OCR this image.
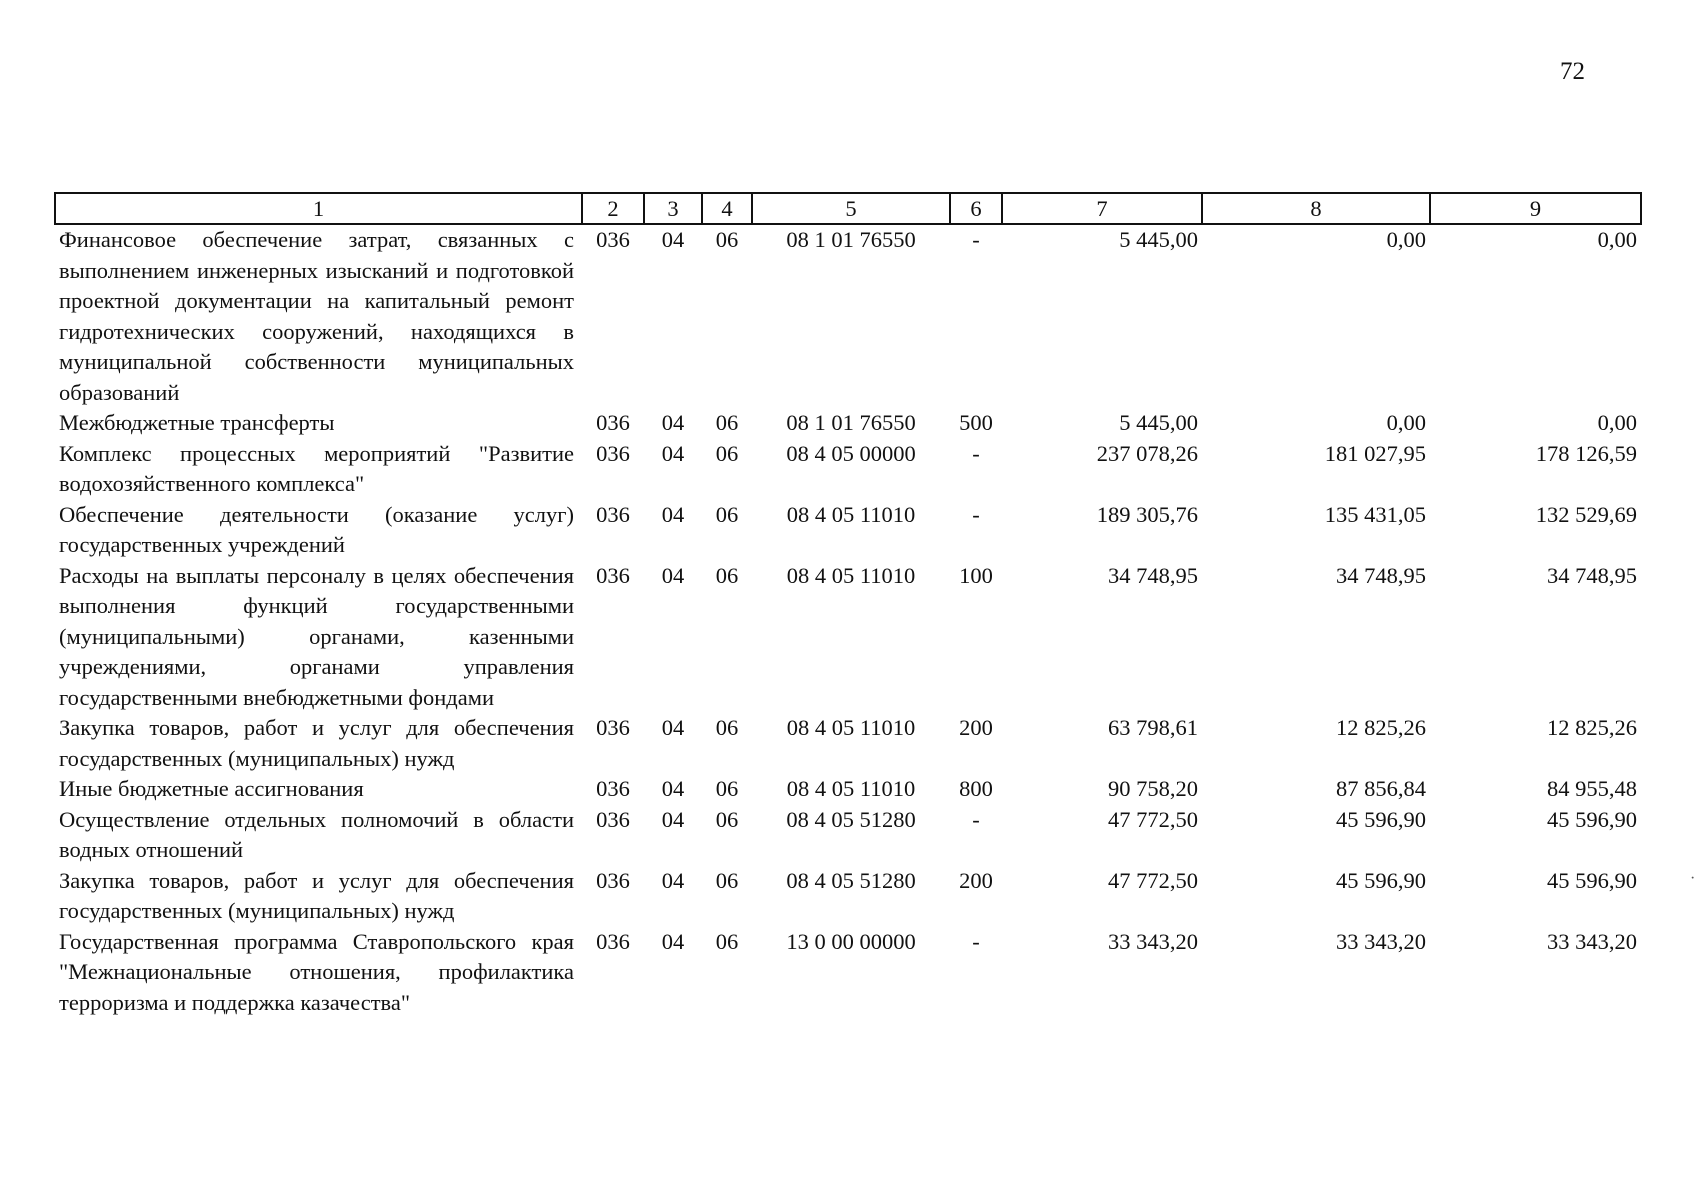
72
1	2	3	4	5	6	7	8	9
Финансовое обеспечение затрат, связанных с выполнением инженерных изысканий и подготовкой проектной документации на капитальный ремонт гидротехнических сооружений, находящихся в муниципальной собственности муниципальных образований	036	04	06	08 1 01 76550	-	5 445,00	0,00	0,00
Межбюджетные трансферты	036	04	06	08 1 01 76550	500	5 445,00	0,00	0,00
Комплекс процессных мероприятий "Развитие водохозяйственного комплекса"	036	04	06	08 4 05 00000	-	237 078,26	181 027,95	178 126,59
Обеспечение деятельности (оказание услуг) государственных учреждений	036	04	06	08 4 05 11010	-	189 305,76	135 431,05	132 529,69
Расходы на выплаты персоналу в целях обеспечения выполнения функций государственными (муниципальными) органами, казенными учреждениями, органами управления государственными внебюджетными фондами	036	04	06	08 4 05 11010	100	34 748,95	34 748,95	34 748,95
Закупка товаров, работ и услуг для обеспечения государственных (муниципальных) нужд	036	04	06	08 4 05 11010	200	63 798,61	12 825,26	12 825,26
Иные бюджетные ассигнования	036	04	06	08 4 05 11010	800	90 758,20	87 856,84	84 955,48
Осуществление отдельных полномочий в области водных отношений	036	04	06	08 4 05 51280	-	47 772,50	45 596,90	45 596,90
Закупка товаров, работ и услуг для обеспечения государственных (муниципальных) нужд	036	04	06	08 4 05 51280	200	47 772,50	45 596,90	45 596,90
Государственная программа Ставропольского края "Межнациональные отношения, профилактика терроризма и поддержка казачества"	036	04	06	13 0 00 00000	-	33 343,20	33 343,20	33 343,20
·
